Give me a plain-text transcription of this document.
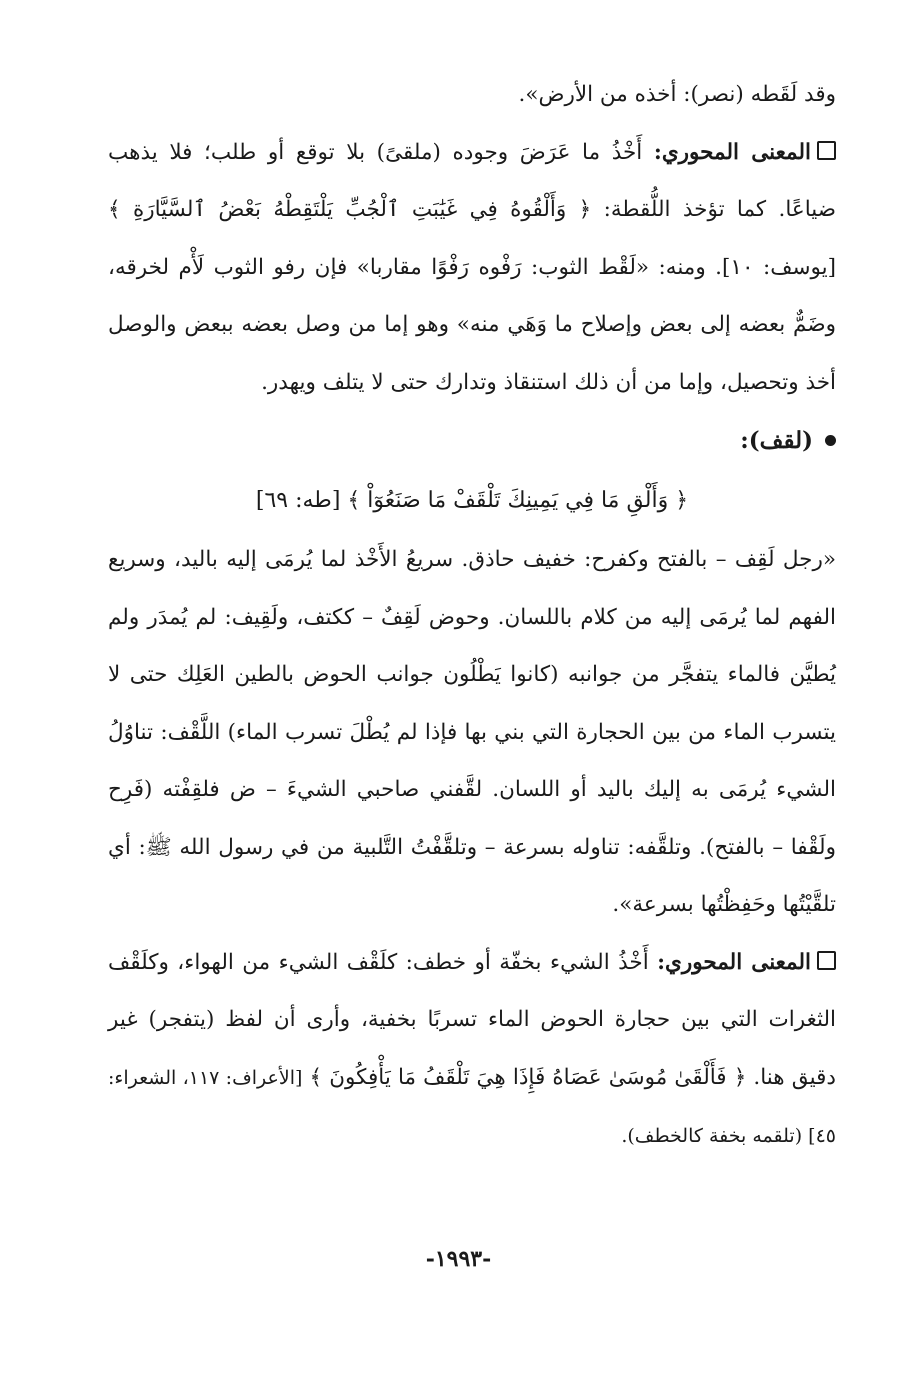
وقد لَقَطه (نصر): أخذه من الأرض».

المعنى المحوري: أَخْذُ ما عَرَضَ وجوده (ملقىً) بلا توقع أو طلب؛ فلا يذهب ضياعًا. كما تؤخذ اللُّقطة: ﴿ وَأَلْقُوهُ فِي غَيَٰبَتِ ٱلْجُبِّ يَلْتَقِطْهُ بَعْضُ ٱلسَّيَّارَةِ ﴾ [يوسف: ١٠]. ومنه: «لَقْط الثوب: رَفْوه رَفْوًا مقاربا» فإن رفو الثوب لَأْم لخرقه، وضَمٌّ بعضه إلى بعض وإصلاح ما وَهَي منه» وهو إما من وصل بعضه ببعض والوصل أخذ وتحصيل، وإما من أن ذلك استنقاذ وتدارك حتى لا يتلف ويهدر.

(لقف):

﴿ وَأَلْقِ مَا فِي يَمِينِكَ تَلْقَفْ مَا صَنَعُوٓاْ ﴾ [طه: ٦٩]

«رجل لَقِف – بالفتح وكفرح: خفيف حاذق. سريعُ الأَخْذ لما يُرمَى إليه باليد، وسريع الفهم لما يُرمَى إليه من كلام باللسان. وحوض لَقِفٌ – ككتف، ولَقِيف: لم يُمدَر ولم يُطيَّن فالماء يتفجَّر من جوانبه (كانوا يَطْلُون جوانب الحوض بالطين العَلِك حتى لا يتسرب الماء من بين الحجارة التي بني بها فإذا لم يُطْلَ تسرب الماء) اللَّقْف: تناوُلُ الشيء يُرمَى به إليك باليد أو اللسان. لقَّفني صاحبي الشيءَ – ض فلقِفْته (فَرِح ولَقْفا – بالفتح). وتلقَّفه: تناوله بسرعة – وتلقَّفْتُ التَّلبية من في رسول الله ﷺ: أي تلقَّيْتُها وحَفِظْتُها بسرعة».

المعنى المحوري: أَخْذُ الشيء بخفّة أو خطف: كلَقْف الشيء من الهواء، وكلَقْف الثغرات التي بين حجارة الحوض الماء تسربًا بخفية، وأرى أن لفظ (يتفجر) غير دقيق هنا. ﴿ فَأَلْقَىٰ مُوسَىٰ عَصَاهُ فَإِذَا هِيَ تَلْقَفُ مَا يَأْفِكُونَ ﴾ [الأعراف: ١١٧، الشعراء: ٤٥] (تلقمه بخفة كالخطف).

-١٩٩٣-
